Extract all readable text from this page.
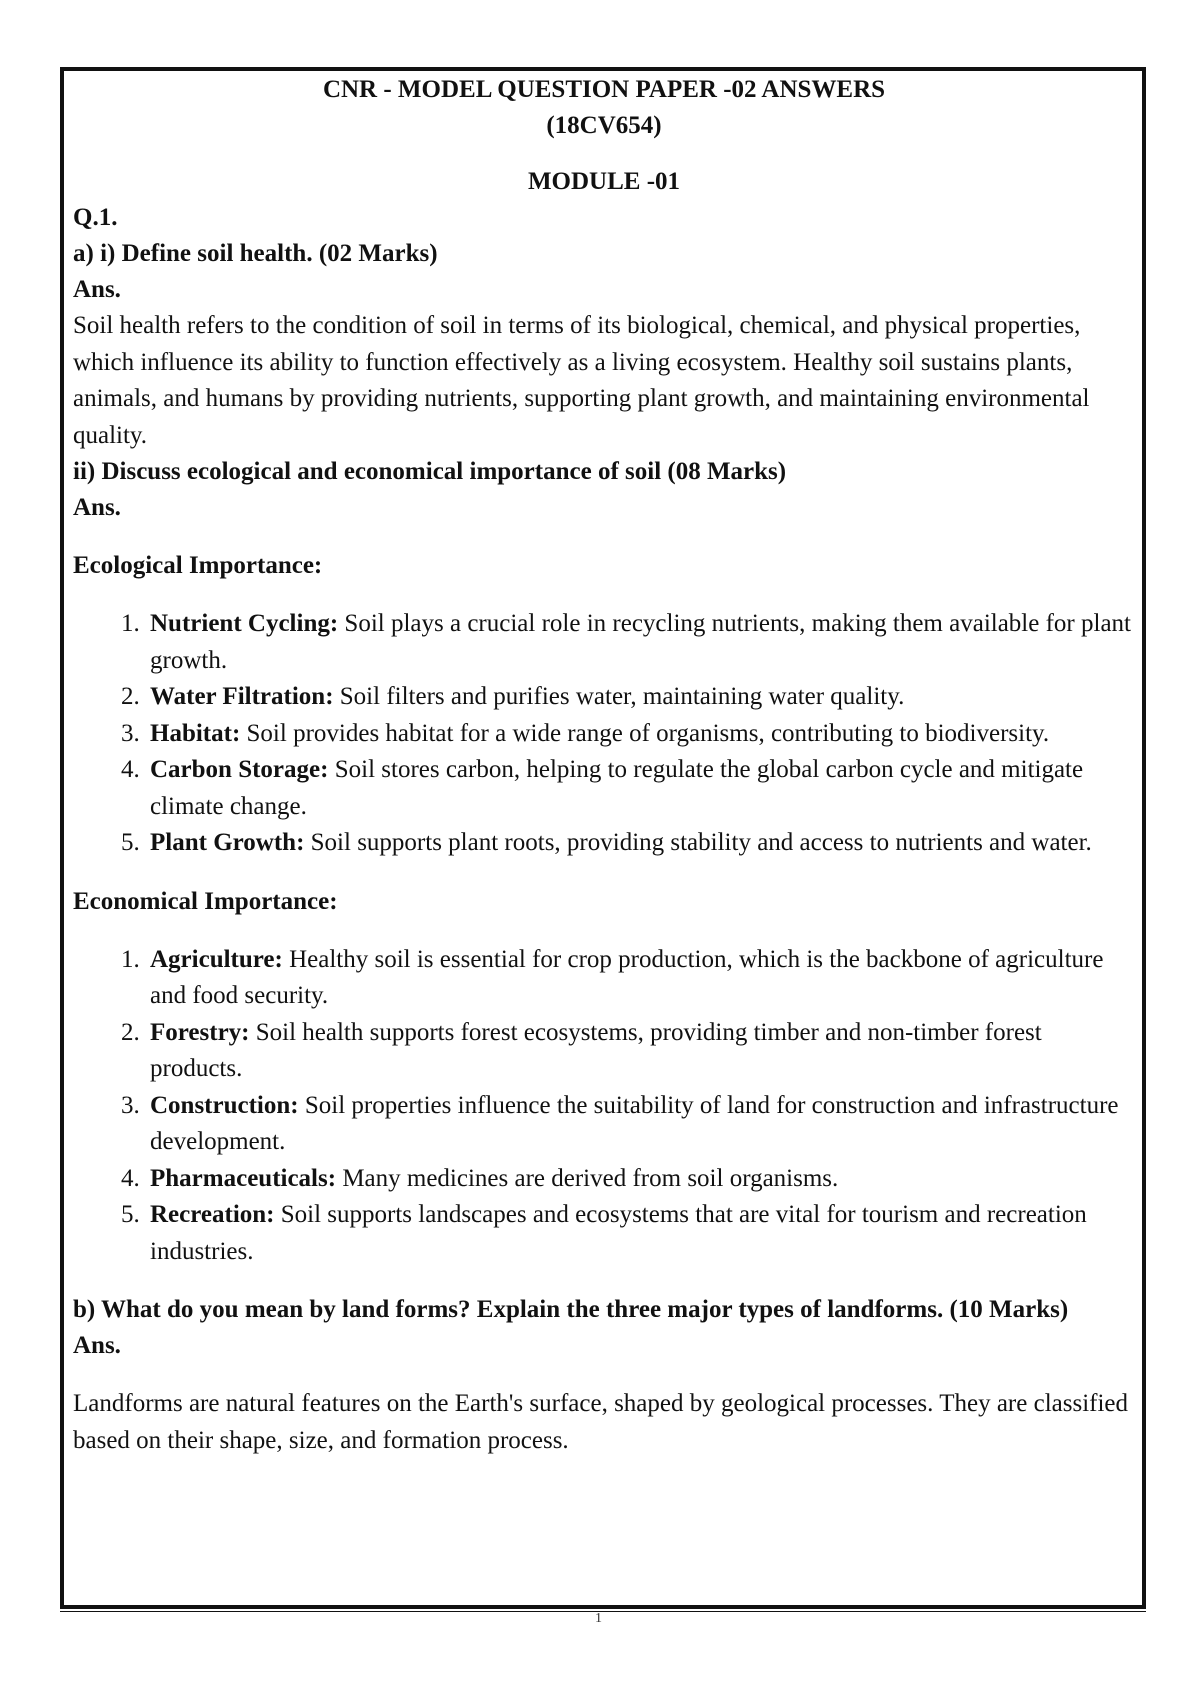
CNR - MODEL QUESTION PAPER -02 ANSWERS
(18CV654)
MODULE -01
Q.1.
a) i) Define soil health. (02 Marks)
Ans.

Soil health refers to the condition of soil in terms of its biological, chemical, and physical properties, which influence its ability to function effectively as a living ecosystem. Healthy soil sustains plants, animals, and humans by providing nutrients, supporting plant growth, and maintaining environmental quality.

ii) Discuss ecological and economical importance of soil (08 Marks)
Ans.
Ecological Importance:
1. Nutrient Cycling: Soil plays a crucial role in recycling nutrients, making them available for plant growth.
2. Water Filtration: Soil filters and purifies water, maintaining water quality.
3. Habitat: Soil provides habitat for a wide range of organisms, contributing to biodiversity.
4. Carbon Storage: Soil stores carbon, helping to regulate the global carbon cycle and mitigate climate change.
5. Plant Growth: Soil supports plant roots, providing stability and access to nutrients and water.
Economical Importance:
1. Agriculture: Healthy soil is essential for crop production, which is the backbone of agriculture and food security.
2. Forestry: Soil health supports forest ecosystems, providing timber and non-timber forest products.
3. Construction: Soil properties influence the suitability of land for construction and infrastructure development.
4. Pharmaceuticals: Many medicines are derived from soil organisms.
5. Recreation: Soil supports landscapes and ecosystems that are vital for tourism and recreation industries.
b) What do you mean by land forms? Explain the three major types of landforms. (10 Marks)
Ans.

Landforms are natural features on the Earth's surface, shaped by geological processes. They are classified based on their shape, size, and formation process.

1
